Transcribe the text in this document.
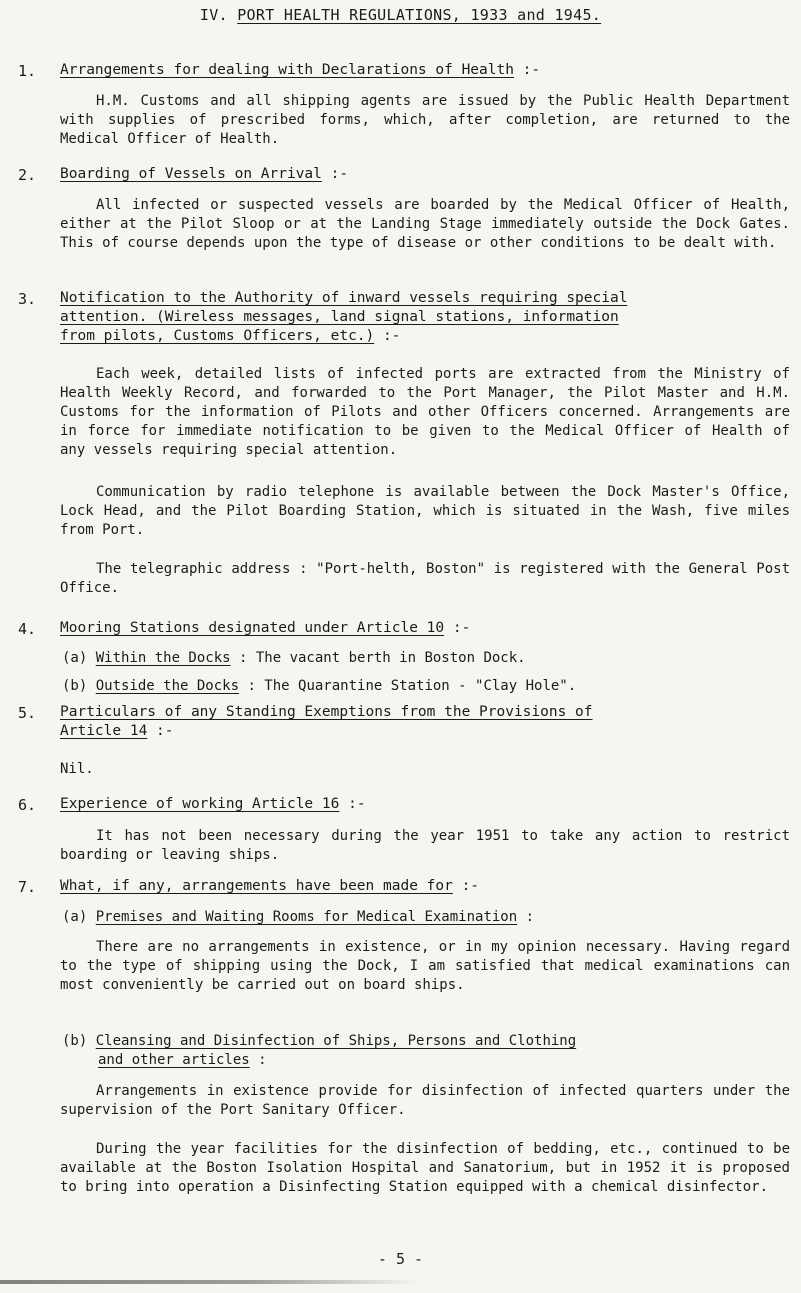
IV. PORT HEALTH REGULATIONS, 1933 and 1945.
1. Arrangements for dealing with Declarations of Health :-

H.M. Customs and all shipping agents are issued by the Public Health Department with supplies of prescribed forms, which, after completion, are returned to the Medical Officer of Health.

2. Boarding of Vessels on Arrival :-

All infected or suspected vessels are boarded by the Medical Officer of Health, either at the Pilot Sloop or at the Landing Stage immediately outside the Dock Gates. This of course depends upon the type of disease or other conditions to be dealt with.

3. Notification to the Authority of inward vessels requiring special
attention. (Wireless messages, land signal stations, information
from pilots, Customs Officers, etc.) :-

Each week, detailed lists of infected ports are extracted from the Ministry of Health Weekly Record, and forwarded to the Port Manager, the Pilot Master and H.M. Customs for the information of Pilots and other Officers concerned. Arrangements are in force for immediate notification to be given to the Medical Officer of Health of any vessels requiring special attention.

Communication by radio telephone is available between the Dock Master's Office, Lock Head, and the Pilot Boarding Station, which is situated in the Wash, five miles from Port.

The telegraphic address : "Port-helth, Boston" is registered with the General Post Office.

4. Mooring Stations designated under Article 10 :-
(a) Within the Docks : The vacant berth in Boston Dock.
(b) Outside the Docks : The Quarantine Station - "Clay Hole".
5. Particulars of any Standing Exemptions from the Provisions of
Article 14 :-

Nil.

6. Experience of working Article 16 :-

It has not been necessary during the year 1951 to take any action to restrict boarding or leaving ships.

7. What, if any, arrangements have been made for :-
(a) Premises and Waiting Rooms for Medical Examination :

There are no arrangements in existence, or in my opinion necessary. Having regard to the type of shipping using the Dock, I am satisfied that medical examinations can most conveniently be carried out on board ships.

(b) Cleansing and Disinfection of Ships, Persons and Clothing
and other articles :

Arrangements in existence provide for disinfection of infected quarters under the supervision of the Port Sanitary Officer.

During the year facilities for the disinfection of bedding, etc., continued to be available at the Boston Isolation Hospital and Sanatorium, but in 1952 it is proposed to bring into operation a Disinfecting Station equipped with a chemical disinfector.

- 5 -
